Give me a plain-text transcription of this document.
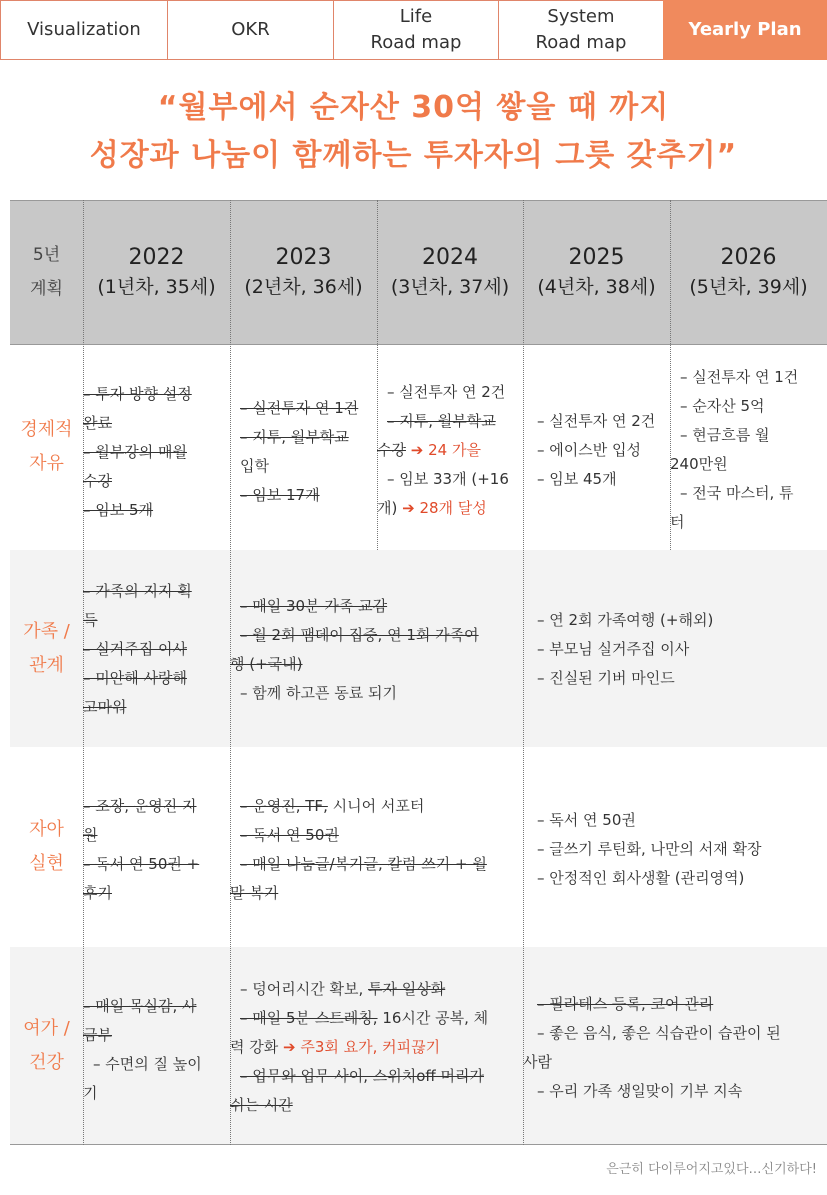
Visualization	OKR
Life
Road map
System
Road map
Yearly Plan
“월부에서 순자산 30억 쌓을 때 까지
성장과 나눔이 함께하는 투자자의 그릇 갖추기”
5년
계획
2022
(1년차, 35세)
2023
(2년차, 36세)
2024
(3년차, 37세)
2025
(4년차, 38세)
2026
(5년차, 39세)
경제적
자유

– 투자 방향 설정

완료

– 월부강의 매월

수강

– 임보 5개

– 실전투자 연 1건

– 지투, 월부학교

입학

– 임보 17개

– 실전투자 연 2건

– 지투, 월부학교

수강 ➔ 24 가을

– 임보 33개 (+16

개) ➔ 28개 달성

– 실전투자 연 2건

– 에이스반 입성

– 임보 45개

– 실전투자 연 1건

– 순자산 5억

– 현금흐름 월

240만원

– 전국 마스터, 튜

터

가족 /
관계

– 가족의 지지 획

득

– 실거주집 이사

– 미안해 사랑해

고마워

– 매일 30분 가족 교감

– 월 2회 팸데이 집중, 연 1회 가족여

행 (+국내)

– 함께 하고픈 동료 되기

– 연 2회 가족여행 (+해외)

– 부모님 실거주집 이사

– 진실된 기버 마인드

자아
실현

– 조장, 운영진 지

원

– 독서 연 50권 +

후기

– 운영진, TF, 시니어 서포터

– 독서 연 50권

– 매일 나눔글/복기글, 칼럼 쓰기 + 월

말 복기

– 독서 연 50권

– 글쓰기 루틴화, 나만의 서재 확장

– 안정적인 회사생활 (관리영역)

여가 /
건강

– 매일 목실감, 사

금부

– 수면의 질 높이

기

– 덩어리시간 확보, 투자 일상화

– 매일 5분 스트레칭, 16시간 공복, 체

력 강화 ➔ 주3회 요가, 커피끊기

– 업무와 업무 사이, 스위치off 머리가

쉬는 시간

– 필라테스 등록, 코어 관리

– 좋은 음식, 좋은 식습관이 습관이 된

사람

– 우리 가족 생일맞이 기부 지속

은근히 다이루어지고있다…신기하다!
